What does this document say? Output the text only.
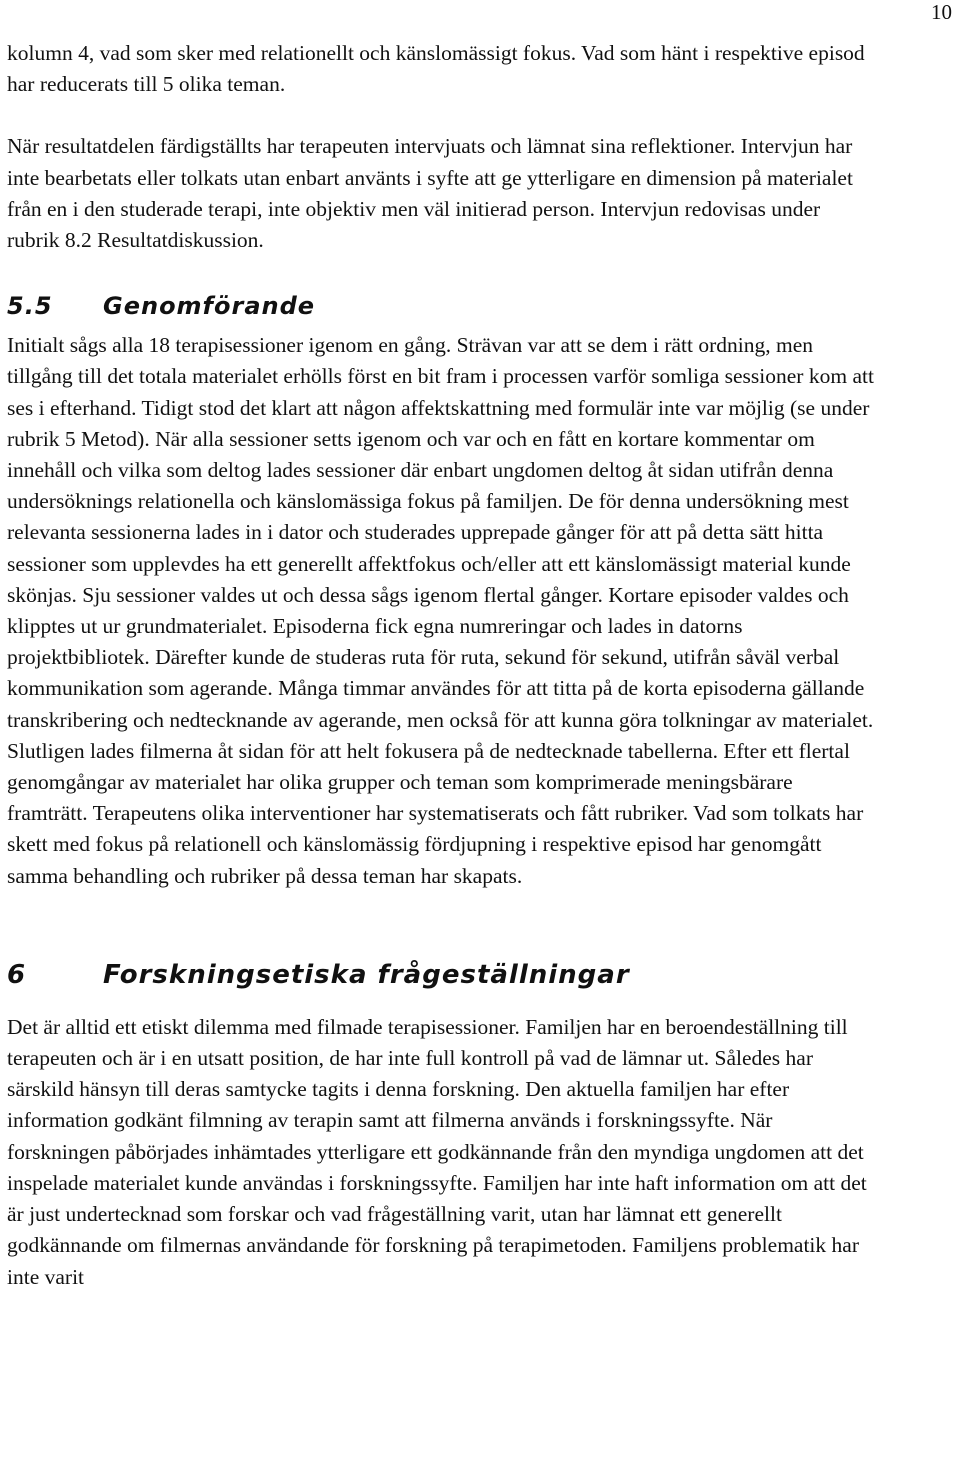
10

kolumn 4, vad som sker med relationellt och känslomässigt fokus. Vad som hänt i respektive episod har reducerats till 5 olika teman.

När resultatdelen färdigställts har terapeuten intervjuats och lämnat sina reflektioner. Intervjun har inte bearbetats eller tolkats utan enbart använts i syfte att ge ytterligare en dimension på materialet från en i den studerade terapi, inte objektiv men väl initierad person. Intervjun redovisas under rubrik 8.2 Resultatdiskussion.

5.5 Genomförande

Initialt sågs alla 18 terapisessioner igenom en gång. Strävan var att se dem i rätt ordning, men tillgång till det totala materialet erhölls först en bit fram i processen varför somliga sessioner kom att ses i efterhand. Tidigt stod det klart att någon affektskattning med formulär inte var möjlig (se under rubrik 5 Metod). När alla sessioner setts igenom och var och en fått en kortare kommentar om innehåll och vilka som deltog lades sessioner där enbart ungdomen deltog åt sidan utifrån denna undersöknings relationella och känslomässiga fokus på familjen. De för denna undersökning mest relevanta sessionerna lades in i dator och studerades upprepade gånger för att på detta sätt hitta sessioner som upplevdes ha ett generellt affektfokus och/eller att ett känslomässigt material kunde skönjas. Sju sessioner valdes ut och dessa sågs igenom flertal gånger. Kortare episoder valdes och klipptes ut ur grundmaterialet. Episoderna fick egna numreringar och lades in datorns projektbibliotek. Därefter kunde de studeras ruta för ruta, sekund för sekund, utifrån såväl verbal kommunikation som agerande. Många timmar användes för att titta på de korta episoderna gällande transkribering och nedtecknande av agerande, men också för att kunna göra tolkningar av materialet. Slutligen lades filmerna åt sidan för att helt fokusera på de nedtecknade tabellerna. Efter ett flertal genomgångar av materialet har olika grupper och teman som komprimerade meningsbärare framträtt. Terapeutens olika interventioner har systematiserats och fått rubriker. Vad som tolkats har skett med fokus på relationell och känslomässig fördjupning i respektive episod har genomgått samma behandling och rubriker på dessa teman har skapats.

6	Forskningsetiska frågeställningar

Det är alltid ett etiskt dilemma med filmade terapisessioner. Familjen har en beroendeställning till terapeuten och är i en utsatt position, de har inte full kontroll på vad de lämnar ut. Således har särskild hänsyn till deras samtycke tagits i denna forskning. Den aktuella familjen har efter information godkänt filmning av terapin samt att filmerna används i forskningssyfte. När forskningen påbörjades inhämtades ytterligare ett godkännande från den myndiga ungdomen att det inspelade materialet kunde användas i forskningssyfte. Familjen har inte haft information om att det är just undertecknad som forskar och vad frågeställning varit, utan har lämnat ett generellt godkännande om filmernas användande för forskning på terapimetoden. Familjens problematik har inte varit
